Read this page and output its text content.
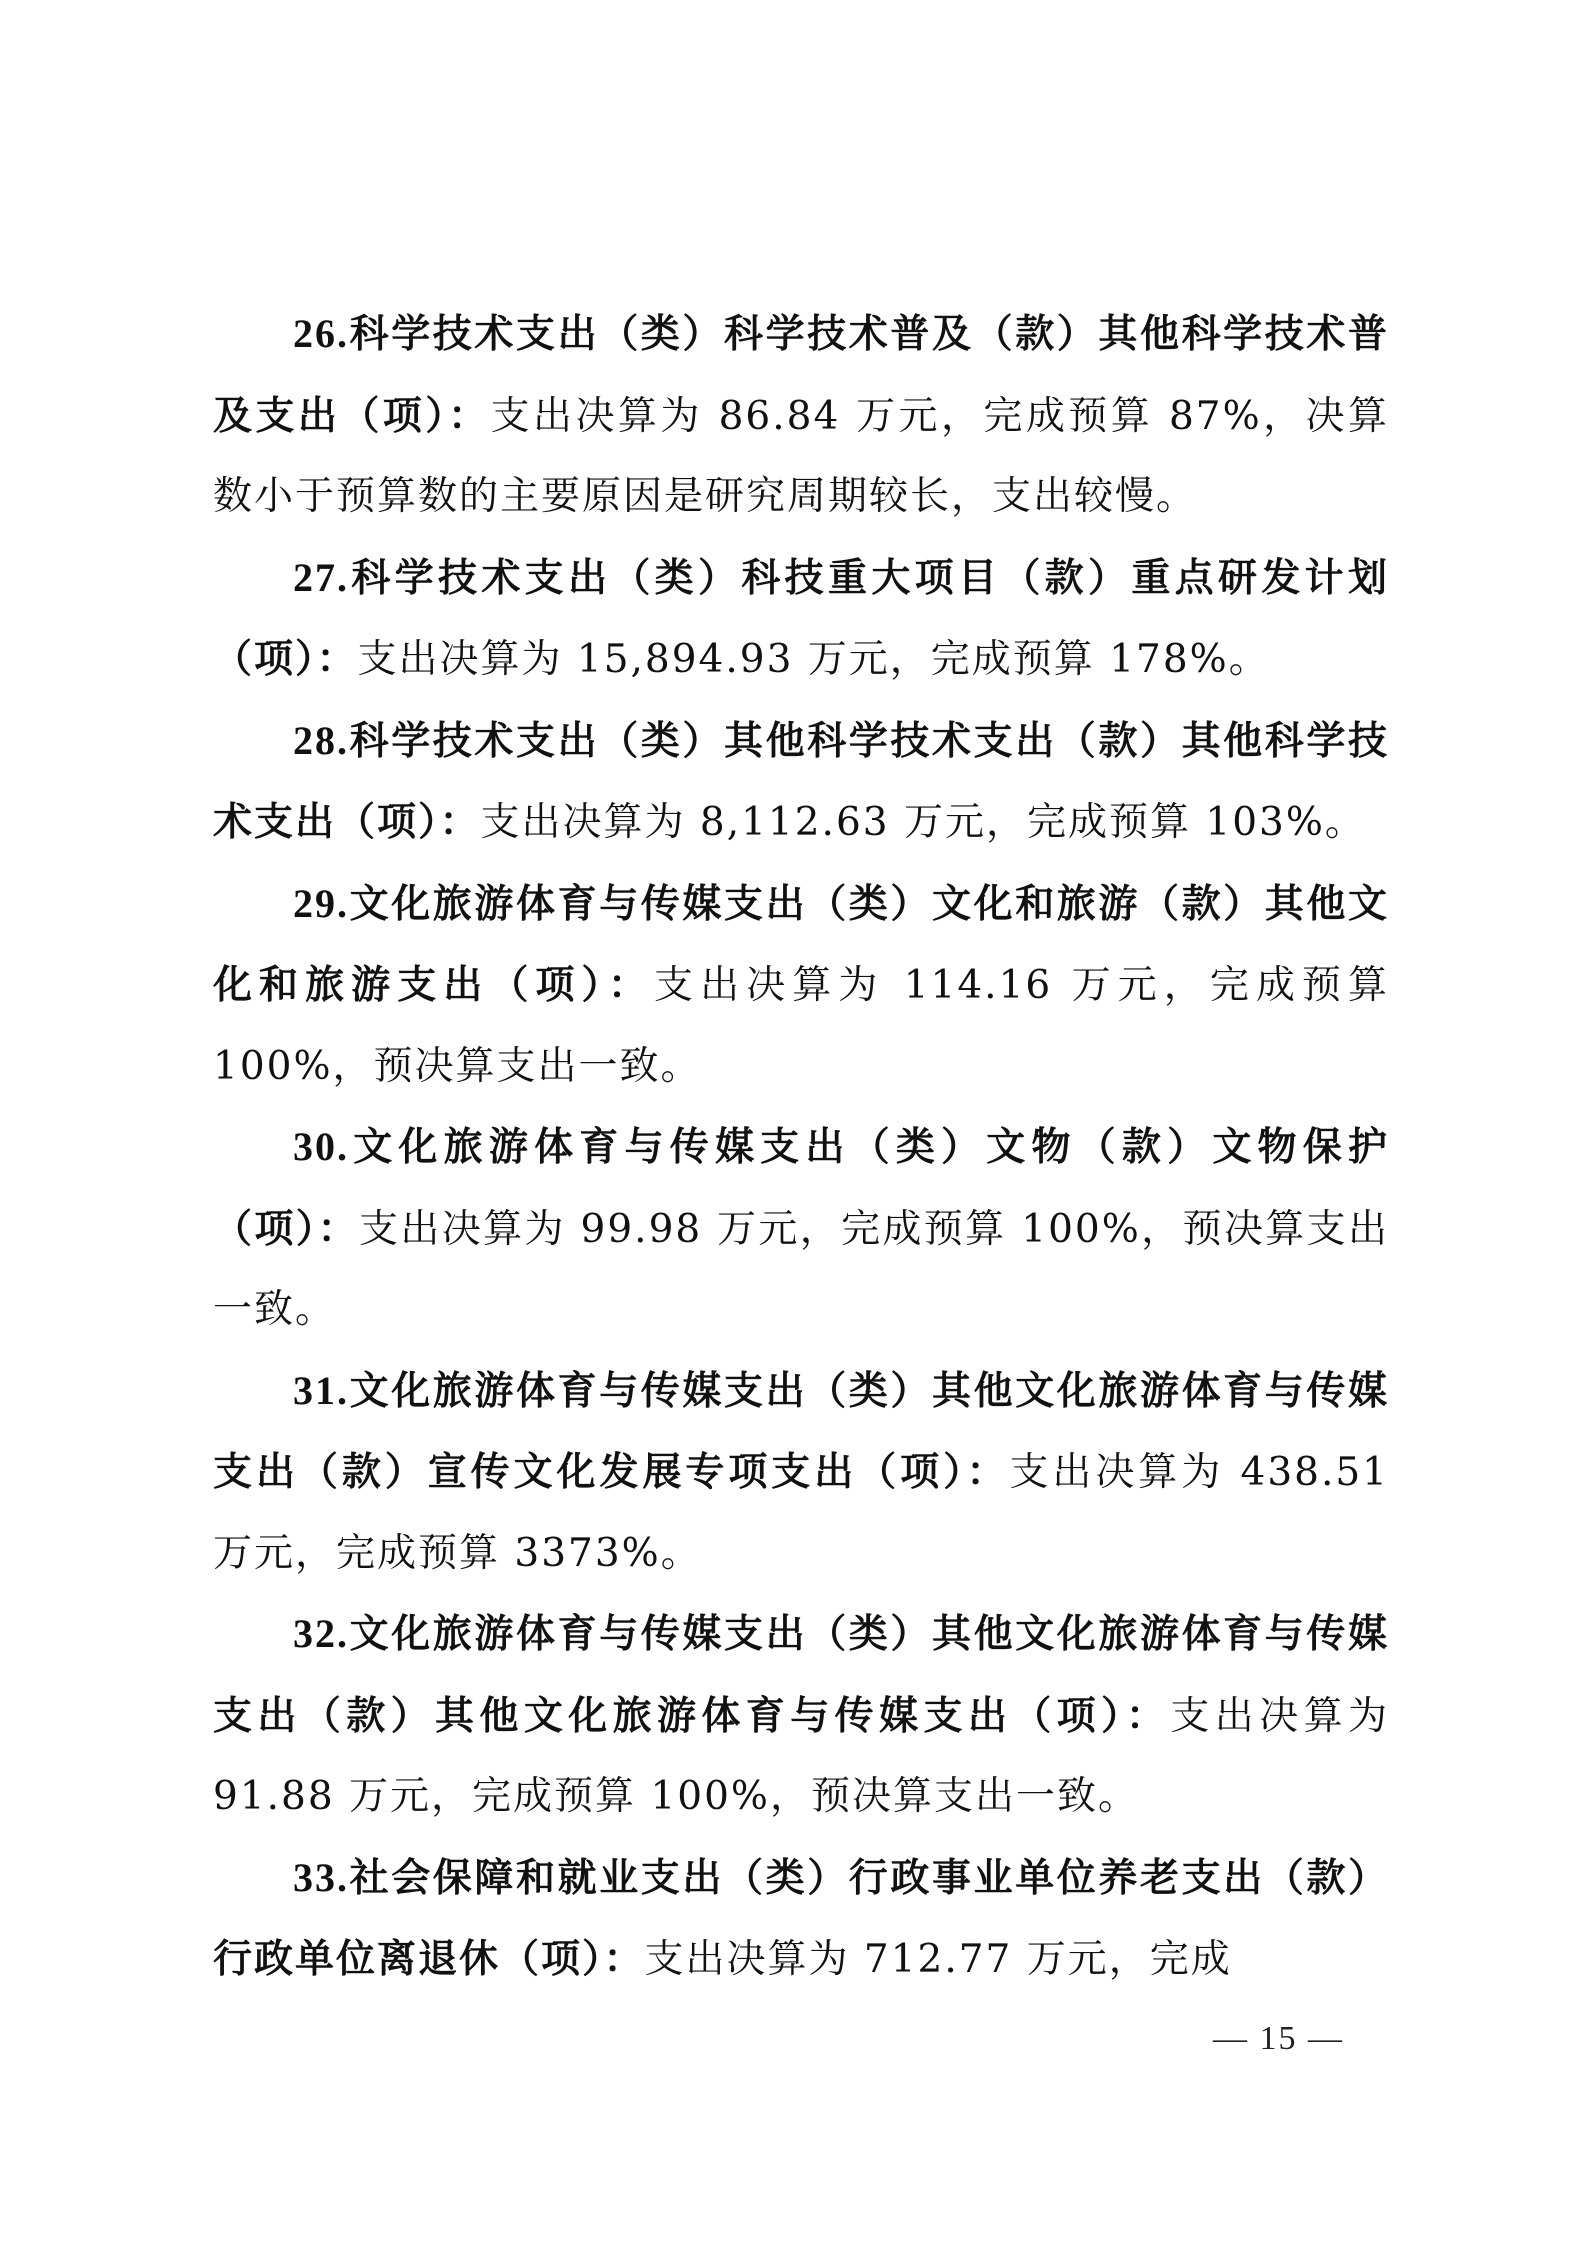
26.科学技术支出（类）科学技术普及（款）其他科学技术普及支出（项）：支出决算为 86.84 万元，完成预算 87%，决算数小于预算数的主要原因是研究周期较长，支出较慢。

27.科学技术支出（类）科技重大项目（款）重点研发计划（项）：支出决算为 15,894.93 万元，完成预算 178%。

28.科学技术支出（类）其他科学技术支出（款）其他科学技术支出（项）：支出决算为 8,112.63 万元，完成预算 103%。

29.文化旅游体育与传媒支出（类）文化和旅游（款）其他文化和旅游支出（项）：支出决算为 114.16 万元，完成预算 100%，预决算支出一致。

30.文化旅游体育与传媒支出（类）文物（款）文物保护（项）：支出决算为 99.98 万元，完成预算 100%，预决算支出一致。

31.文化旅游体育与传媒支出（类）其他文化旅游体育与传媒支出（款）宣传文化发展专项支出（项）：支出决算为 438.51 万元，完成预算 3373%。

32.文化旅游体育与传媒支出（类）其他文化旅游体育与传媒支出（款）其他文化旅游体育与传媒支出（项）：支出决算为 91.88 万元，完成预算 100%，预决算支出一致。

33.社会保障和就业支出（类）行政事业单位养老支出（款）行政单位离退休（项）：支出决算为 712.77 万元，完成

— 15 —
